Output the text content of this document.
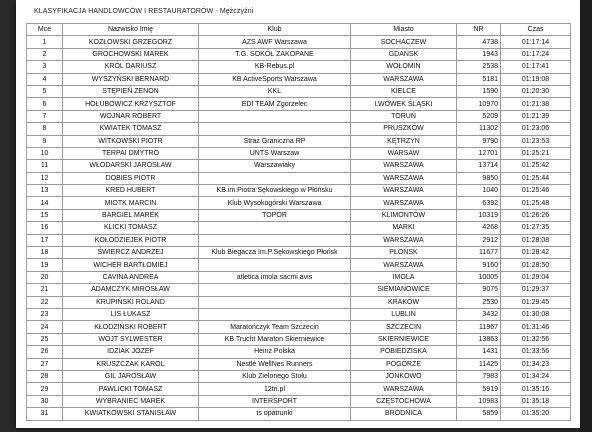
KLASYFIKACJA HANDLOWCÓW I RESTAURATORÓW - Mężczyźni
Mce	Nazwisko Imię	Klub	Miasto	NR	Czas
1	KOZŁOWSKI GRZEGORZ	AZS AWF Warszawa	SOCHACZEW	4738	01:17:14
2	GROCHOWSKI MAREK	T.G. SOKÓŁ ZAKOPANE	GDAŃSK	1943	01:17:24
3	KRÓL DARIUSZ	KB-Rebus.pl	WOŁOMIN	2538	01:17:41
4	WYSZYŃSKI BERNARD	KB ActiveSports Warszawa	WARSZAWA	5181	01:19:08
5	STĘPIEŃ ZENON	KKL	KIELCE	1590	01:20:30
6	HOŁUBOWICZ KRZYSZTOF	EDI TEAM Zgorzelec	LWÓWEK ŚLĄSKI	10970	01:21:38
7	WOJNAR ROBERT		TORUŃ	5209	01:21:39
8	KWIATEK TOMASZ		PRUSZKÓW	11302	01:23:06
9	WITKOWSKI PIOTR	Straż Graniczna RP	KĘTRZYN	9790	01:23:53
10	TERPAI DMYTRO	UNTS Warszaw	WARSAW	12701	01:25:21
11	WŁODARSKI JAROSŁAW	Warszawiaky	WARSZAWA	13714	01:25:42
12	DOBIES PIOTR		WARSZAWA	9850	01:25:44
13	KRED HUBERT	KB.im.Piotra Sękowskiego w Płońsku	WARSZAWA	1040	01:25:46
14	MIOTK MARCIN	Klub Wysokogórski Warszawa	WARSZAWA	6392	01:25:48
15	BARGIEL MAREK	TOPÓR	KLIMONTÓW	10319	01:26:26
16	KLICKI TOMASZ		MARKI	4268	01:27:35
17	KOŁODZIEJEK PIOTR		WARSZAWA	2912	01:28:08
18	ŚWIERCZ ANDRZEJ	Klub Biegacza Im.P.Sękowskiego Płońsk	PŁOŃSK	11677	01:28:42
19	WICHER BARTŁOMIEJ		WARSZAWA	9160	01:28:50
20	CAVINA ANDREA	atletica imola sacmi avis	IMOLA	10005	01:29:04
21	ADAMCZYK MIROSŁAW		SIEMIANOWICE	9075	01:29:37
22	KRUPIŃSKI ROLAND		KRAKÓW	2530	01:29:45
23	LIS ŁUKASZ		LUBLIN	3432	01:30:08
24	KŁODZIŃSKI ROBERT	Maratończyk Team Szczecin	SZCZECIN	11967	01:31:46
25	WÓJT SYLWESTER	KB Trucht Maraton Skierniewice	SKIERNIEWICE	13863	01:32:56
26	IDZIAK JÓZEF	Heinz Polska	POBIEDZISKA	1431	01:33:56
27	KRUSZCZAK KAROL	Nestlé WellNes Runners	POGÓRZE	11425	01:34:23
28	GIL JAROSŁAW	Klub Zielonego Stołu	JONKOWO	7983	01:34:24
29	PAWLICKI TOMASZ	12tri.pl	WARSZAWA	5919	01:35:16
30	WYBRANIEC MAREK	INTERSPORT	CZĘSTOCHOWA	10983	01:35:18
31	KWIATKOWSKI STANISŁAW	ts opatrunki	BRODNICA	5859	01:35:20
